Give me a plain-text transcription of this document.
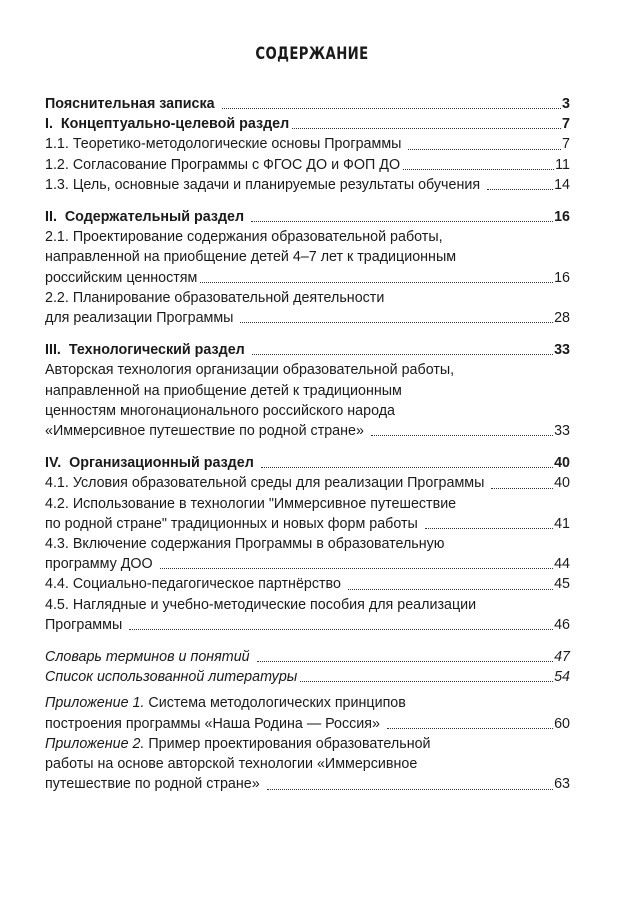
СОДЕРЖАНИЕ
Пояснительная записка	3
I.  Концептуально-целевой раздел	7
1.1. Теоретико-методологические основы Программы	7
1.2. Согласование Программы с ФГОС ДО и ФОП ДО	11
1.3. Цель, основные задачи и планируемые результаты обучения	14
II.  Содержательный раздел	16
2.1. Проектирование содержания образовательной работы,
направленной на приобщение детей 4–7 лет к традиционным
российским ценностям	16
2.2. Планирование образовательной деятельности
для реализации Программы	28
III.  Технологический раздел	33
Авторская технология организации образовательной работы,
направленной на приобщение детей к традиционным
ценностям многонационального российского народа
«Иммерсивное путешествие по родной стране»	33
IV.  Организационный раздел	40
4.1. Условия образовательной среды для реализации Программы	40
4.2. Использование в технологии "Иммерсивное путешествие
по родной стране" традиционных и новых форм работы	41
4.3. Включение содержания Программы в образовательную
программу ДОО	44
4.4. Социально-педагогическое партнёрство	45
4.5. Наглядные и учебно-методические пособия для реализации
Программы	46
Словарь терминов и понятий	47
Список использованной литературы	54
Приложение 1. Система методологических принципов
построения программы «Наша Родина — Россия»	60
Приложение 2. Пример проектирования образовательной
работы на основе авторской технологии «Иммерсивное
путешествие по родной стране»	63
